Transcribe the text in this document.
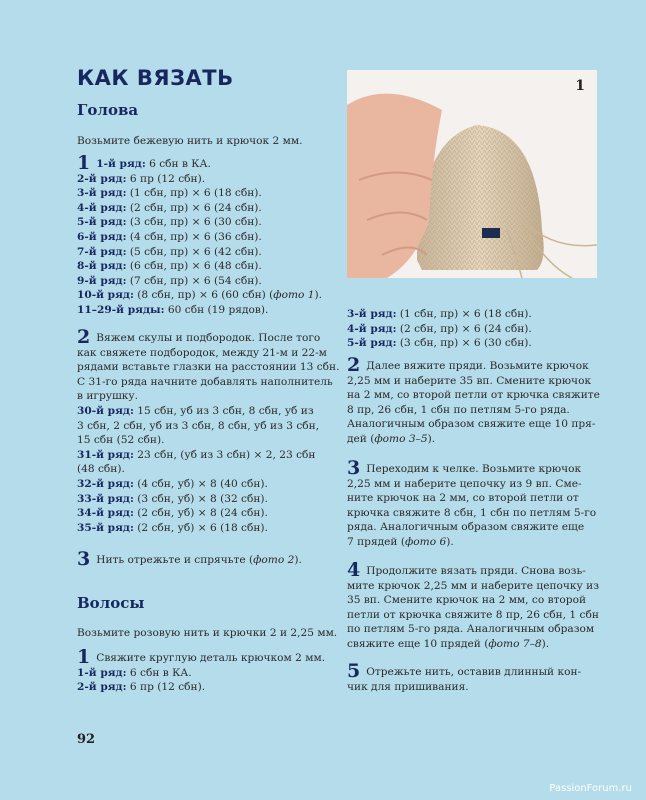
КАК ВЯЗАТЬ
Голова
Возьмите бежевую нить и крючок 2 мм.
1 1-й ряд: 6 сбн в КА.
2-й ряд: 6 пр (12 сбн).
3-й ряд: (1 сбн, пр) × 6 (18 сбн).
4-й ряд: (2 сбн, пр) × 6 (24 сбн).
5-й ряд: (3 сбн, пр) × 6 (30 сбн).
6-й ряд: (4 сбн, пр) × 6 (36 сбн).
7-й ряд: (5 сбн, пр) × 6 (42 сбн).
8-й ряд: (6 сбн, пр) × 6 (48 сбн).
9-й ряд: (7 сбн, пр) × 6 (54 сбн).
10-й ряд: (8 сбн, пр) × 6 (60 сбн) (фото 1).
11–29-й ряды: 60 сбн (19 рядов).
2 Вяжем скулы и подбородок. После того
как свяжете подбородок, между 21-м и 22-м
рядами вставьте глазки на расстоянии 13 сбн.
С 31-го ряда начните добавлять наполнитель
в игрушку.
30-й ряд: 15 сбн, уб из 3 сбн, 8 сбн, уб из
3 сбн, 2 сбн, уб из 3 сбн, 8 сбн, уб из 3 сбн,
15 сбн (52 сбн).
31-й ряд: 23 сбн, (уб из 3 сбн) × 2, 23 сбн
(48 сбн).
32-й ряд: (4 сбн, уб) × 8 (40 сбн).
33-й ряд: (3 сбн, уб) × 8 (32 сбн).
34-й ряд: (2 сбн, уб) × 8 (24 сбн).
35-й ряд: (2 сбн, уб) × 6 (18 сбн).
3 Нить отрежьте и спрячьте (фото 2).
Волосы
Возьмите розовую нить и крючки 2 и 2,25 мм.
1 Свяжите круглую деталь крючком 2 мм.
1-й ряд: 6 сбн в КА.
2-й ряд: 6 пр (12 сбн).
1
3-й ряд: (1 сбн, пр) × 6 (18 сбн).
4-й ряд: (2 сбн, пр) × 6 (24 сбн).
5-й ряд: (3 сбн, пр) × 6 (30 сбн).
2 Далее вяжите пряди. Возьмите крючок
2,25 мм и наберите 35 вп. Смените крючок
на 2 мм, со второй петли от крючка свяжите
8 пр, 26 сбн, 1 сбн по петлям 5-го ряда.
Аналогичным образом свяжите еще 10 пря-
дей (фото 3–5).
3 Переходим к челке. Возьмите крючок
2,25 мм и наберите цепочку из 9 вп. Сме-
ните крючок на 2 мм, со второй петли от
крючка свяжите 8 сбн, 1 сбн по петлям 5-го
ряда. Аналогичным образом свяжите еще
7 прядей (фото 6).
4 Продолжите вязать пряди. Снова возь-
мите крючок 2,25 мм и наберите цепочку из
35 вп. Смените крючок на 2 мм, со второй
петли от крючка свяжите 8 пр, 26 сбн, 1 сбн
по петлям 5-го ряда. Аналогичным образом
свяжите еще 10 прядей (фото 7–8).
5 Отрежьте нить, оставив длинный кон-
чик для пришивания.
92
PassionForum.ru
